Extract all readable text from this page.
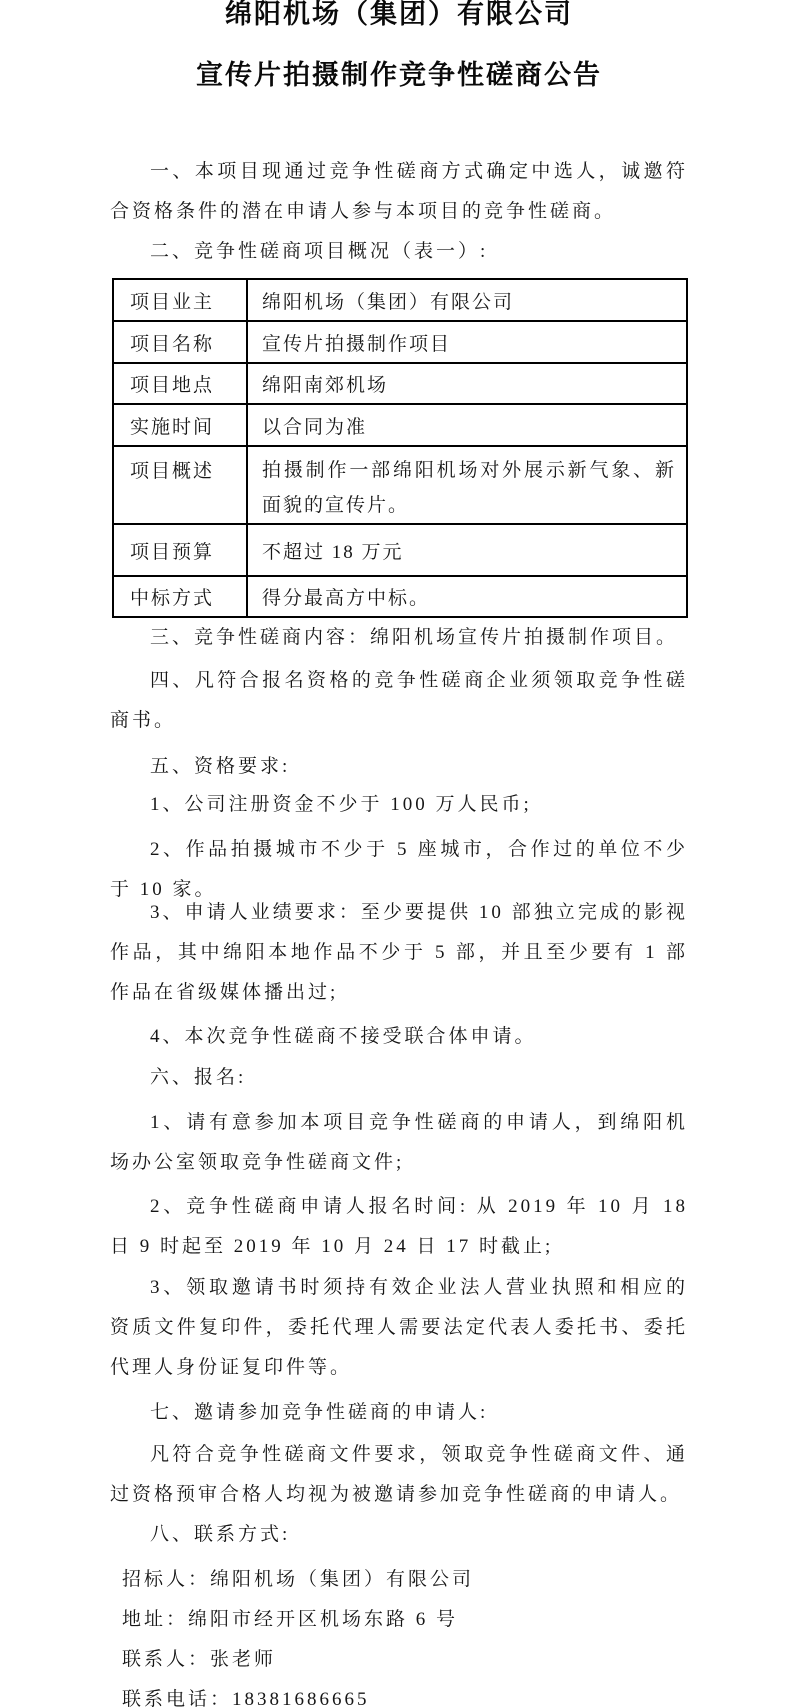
绵阳机场（集团）有限公司
宣传片拍摄制作竞争性磋商公告

一、本项目现通过竞争性磋商方式确定中选人，诚邀符合资格条件的潜在申请人参与本项目的竞争性磋商。

二、竞争性磋商项目概况（表一）:

项目业主	绵阳机场（集团）有限公司
项目名称	宣传片拍摄制作项目
项目地点	绵阳南郊机场
实施时间	以合同为准
项目概述	拍摄制作一部绵阳机场对外展示新气象、新面貌的宣传片。
项目预算	不超过 18 万元
中标方式	得分最高方中标。

三、竞争性磋商内容：绵阳机场宣传片拍摄制作项目。

四、凡符合报名资格的竞争性磋商企业须领取竞争性磋商书。

五、资格要求:

1、公司注册资金不少于 100 万人民币;

2、作品拍摄城市不少于 5 座城市，合作过的单位不少于 10 家。

3、申请人业绩要求：至少要提供 10 部独立完成的影视作品，其中绵阳本地作品不少于 5 部，并且至少要有 1 部作品在省级媒体播出过;

4、本次竞争性磋商不接受联合体申请。

六、报名:

1、请有意参加本项目竞争性磋商的申请人，到绵阳机场办公室领取竞争性磋商文件;

2、竞争性磋商申请人报名时间: 从 2019 年 10 月 18 日 9 时起至 2019 年 10 月 24 日 17 时截止;

3、领取邀请书时须持有效企业法人营业执照和相应的资质文件复印件，委托代理人需要法定代表人委托书、委托代理人身份证复印件等。

七、邀请参加竞争性磋商的申请人:

凡符合竞争性磋商文件要求，领取竞争性磋商文件、通过资格预审合格人均视为被邀请参加竞争性磋商的申请人。

八、联系方式:

招标人：绵阳机场（集团）有限公司

地址：绵阳市经开区机场东路 6 号

联系人：张老师

联系电话：18381686665
